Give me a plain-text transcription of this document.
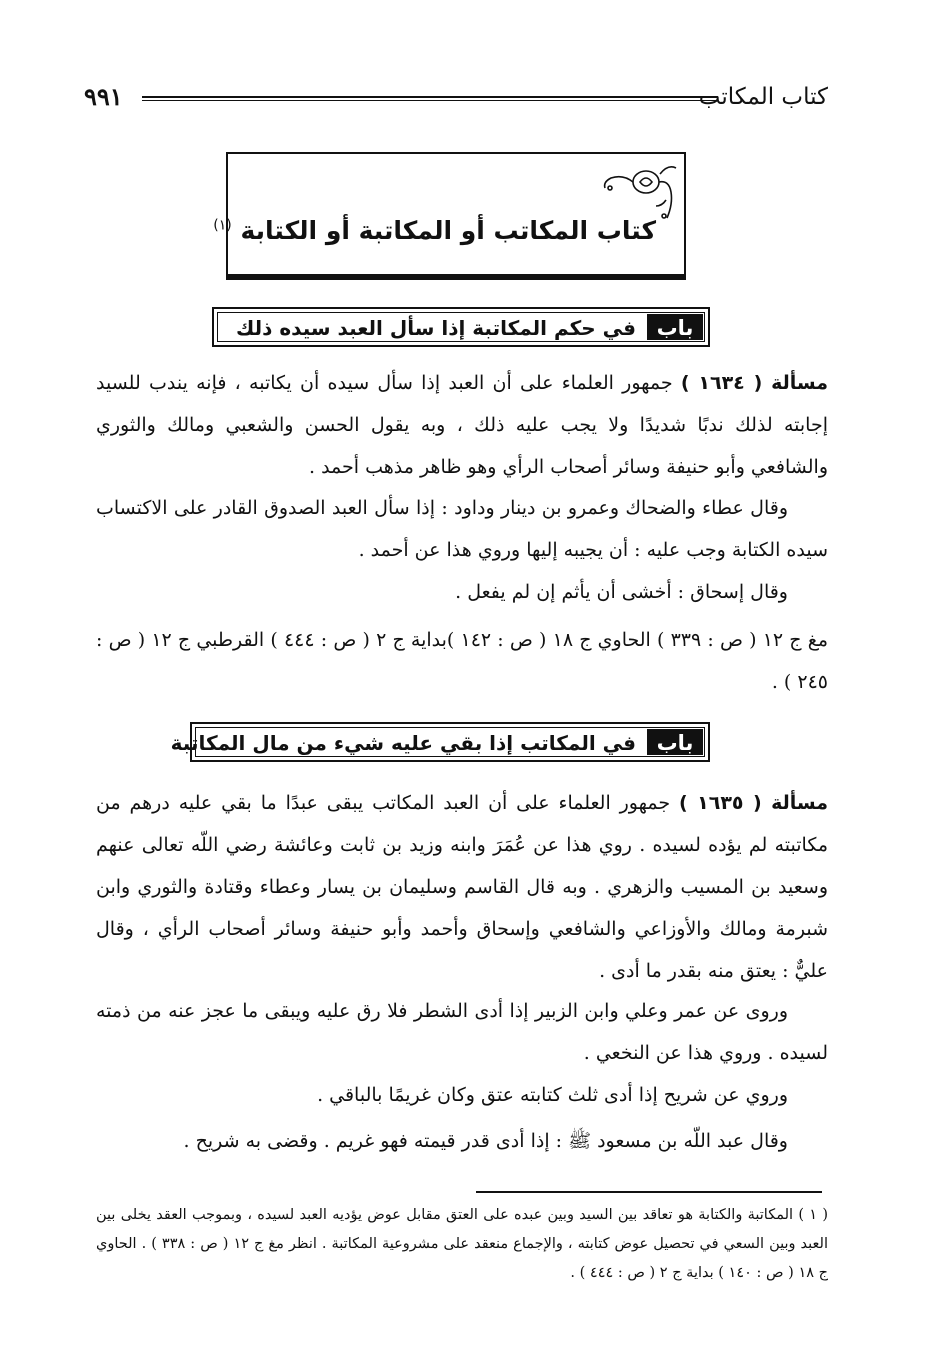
كتاب المكاتب
٩٩١
كتاب المكاتب أو المكاتبة أو الكتابة $^{(١)}$
باب
في حكم المكاتبة إذا سأل العبد سيده ذلك
مسألة ( ١٦٣٤ ) جمهور العلماء على أن العبد إذا سأل سيده أن يكاتبه ، فإنه يندب للسيد إجابته لذلك ندبًا شديدًا ولا يجب عليه ذلك ، وبه يقول الحسن والشعبي ومالك والثوري والشافعي وأبو حنيفة وسائر أصحاب الرأي وهو ظاهر مذهب أحمد .
وقال عطاء والضحاك وعمرو بن دينار وداود : إذا سأل العبد الصدوق القادر على الاكتساب سيده الكتابة وجب عليه : أن يجيبه إليها وروي هذا عن أحمد .
وقال إسحاق : أخشى أن يأثم إن لم يفعل .
مغ ج ١٢ ( ص : ٣٣٩ ) الحاوي ج ١٨ ( ص : ١٤٢ )بداية ج ٢ ( ص : ٤٤٤ ) القرطبي ج ١٢ ( ص : ٢٤٥ ) .
باب
في المكاتب إذا بقي عليه شيء من مال المكاتبة
مسألة ( ١٦٣٥ ) جمهور العلماء على أن العبد المكاتب يبقى عبدًا ما بقي عليه درهم من مكاتبته لم يؤده لسيده . روي هذا عن عُمَرَ وابنه وزيد بن ثابت وعائشة رضي اللّه تعالى عنهم وسعيد بن المسيب والزهري . وبه قال القاسم وسليمان بن يسار وعطاء وقتادة والثوري وابن شبرمة ومالك والأوزاعي والشافعي وإسحاق وأحمد وأبو حنيفة وسائر أصحاب الرأي ، وقال عليٌّ : يعتق منه بقدر ما أدى .
وروى عن عمر وعلي وابن الزبير إذا أدى الشطر فلا رق عليه ويبقى ما عجز عنه من ذمته لسيده . وروي هذا عن النخعي .
وروي عن شريح إذا أدى ثلث كتابته عتق وكان غريمًا بالباقي .
وقال عبد اللّه بن مسعود ﷺ : إذا أدى قدر قيمته فهو غريم . وقضى به شريح .
( ١ ) المكاتبة والكتابة هو تعاقد بين السيد وبين عبده على العتق مقابل عوض يؤديه العبد لسيده ، وبموجب العقد يخلى بين العبد وبين السعي في تحصيل عوض كتابته ، والإجماع منعقد على مشروعية المكاتبة . انظر مغ ج ١٢ ( ص : ٣٣٨ ) . الحاوي ج ١٨ ( ص : ١٤٠ ) بداية ج ٢ ( ص : ٤٤٤ ) .
